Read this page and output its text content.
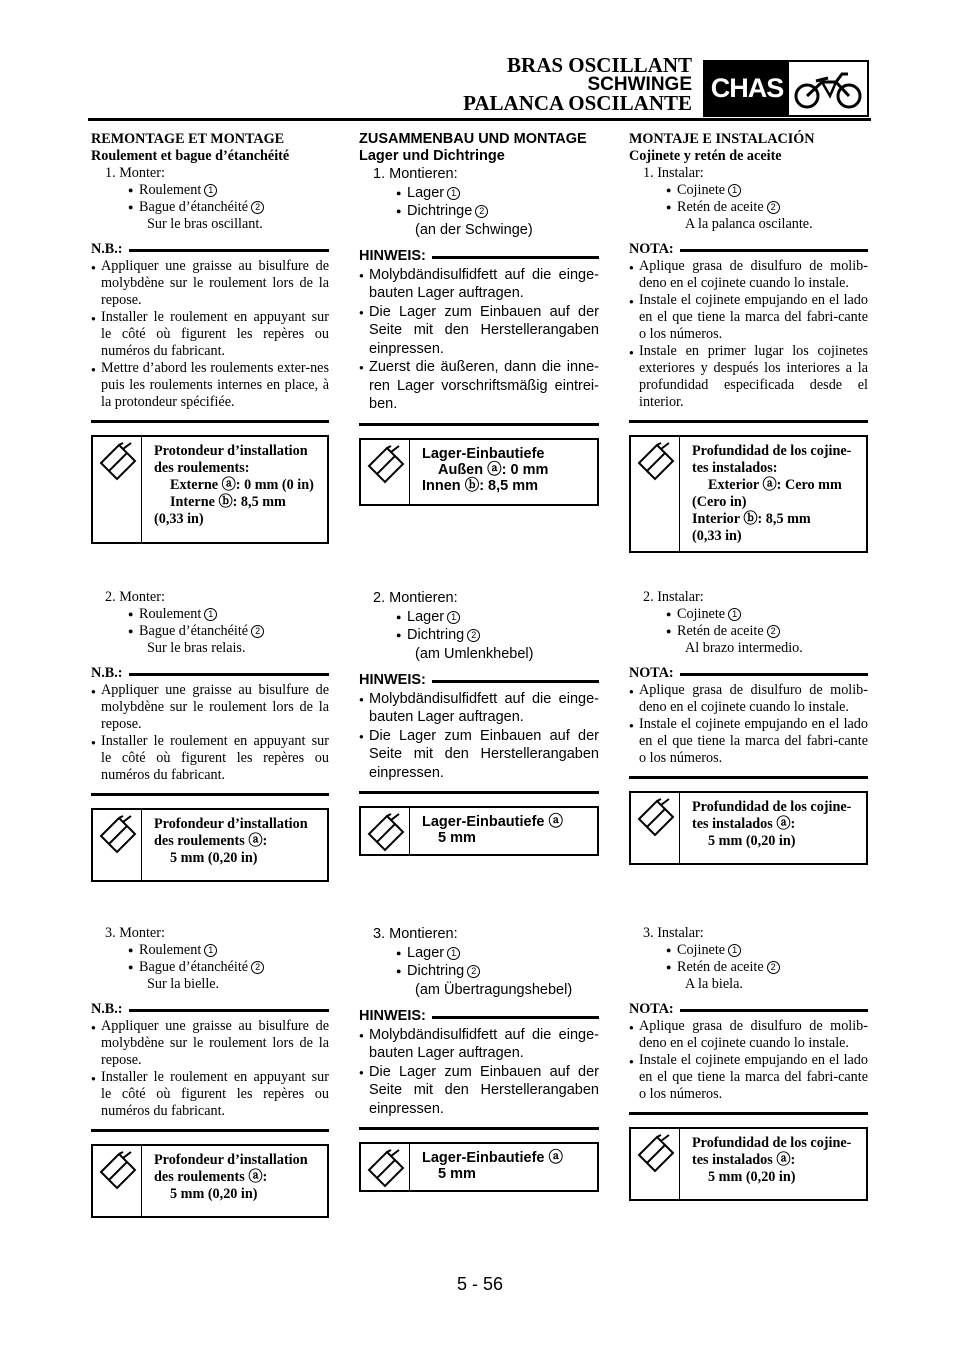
BRAS OSCILLANT
SCHWINGE
PALANCA OSCILANTE CHAS
REMONTAGE ET MONTAGE
Roulement et bague d’étanchéité
1. Monter:
● Roulement 1
● Bague d’étanchéité 2
Sur le bras oscillant.
N.B.:
● Appliquer une graisse au bisulfure de molybdène sur le roulement lors de la repose.
● Installer le roulement en appuyant sur le côté où figurent les repères ou numéros du fabricant.
● Mettre d’abord les roulements exter-nes puis les roulements internes en place, à la protondeur spécifiée.
Protondeur d’installation
des roulements:
Externe ⓐ: 0 mm (0 in)
Interne ⓑ: 8,5 mm
(0,33 in)
2. Monter:
● Roulement 1
● Bague d’étanchéité 2
Sur le bras relais.
N.B.:
● Appliquer une graisse au bisulfure de molybdène sur le roulement lors de la repose.
● Installer le roulement en appuyant sur le côté où figurent les repères ou numéros du fabricant.
Profondeur d’installation
des roulements ⓐ:
5 mm (0,20 in)
3. Monter:
● Roulement 1
● Bague d’étanchéité 2
Sur la bielle.
N.B.:
● Appliquer une graisse au bisulfure de molybdène sur le roulement lors de la repose.
● Installer le roulement en appuyant sur le côté où figurent les repères ou numéros du fabricant.
Profondeur d’installation
des roulements ⓐ:
5 mm (0,20 in)
ZUSAMMENBAU UND MONTAGE
Lager und Dichtringe
1. Montieren:
● Lager 1
● Dichtringe 2
(an der Schwinge)
HINWEIS:
● Molybdändisulfidfett auf die einge-bauten Lager auftragen.
● Die Lager zum Einbauen auf der Seite mit den Herstellerangaben einpressen.
● Zuerst die äußeren, dann die inne-ren Lager vorschriftsmäßig eintrei-ben.
Lager-Einbautiefe
Außen ⓐ: 0 mm
Innen ⓑ: 8,5 mm
2. Montieren:
● Lager 1
● Dichtring 2
(am Umlenkhebel)
HINWEIS:
● Molybdändisulfidfett auf die einge-bauten Lager auftragen.
● Die Lager zum Einbauen auf der Seite mit den Herstellerangaben einpressen.
Lager-Einbautiefe ⓐ
5 mm
3. Montieren:
● Lager 1
● Dichtring 2
(am Übertragungshebel)
HINWEIS:
● Molybdändisulfidfett auf die einge-bauten Lager auftragen.
● Die Lager zum Einbauen auf der Seite mit den Herstellerangaben einpressen.
Lager-Einbautiefe ⓐ
5 mm
MONTAJE E INSTALACIÓN
Cojinete y retén de aceite
1. Instalar:
● Cojinete 1
● Retén de aceite 2
A la palanca oscilante.
NOTA:
● Aplique grasa de disulfuro de molib-deno en el cojinete cuando lo instale.
● Instale el cojinete empujando en el lado en el que tiene la marca del fabri-cante o los números.
● Instale en primer lugar los cojinetes exteriores y después los interiores a la profundidad especificada desde el interior.
Profundidad de los cojine-
tes instalados:
Exterior ⓐ: Cero mm
(Cero in)
Interior ⓑ: 8,5 mm
(0,33 in)
2. Instalar:
● Cojinete 1
● Retén de aceite 2
Al brazo intermedio.
NOTA:
● Aplique grasa de disulfuro de molib-deno en el cojinete cuando lo instale.
● Instale el cojinete empujando en el lado en el que tiene la marca del fabri-cante o los números.
Profundidad de los cojine-
tes instalados ⓐ:
5 mm (0,20 in)
3. Instalar:
● Cojinete 1
● Retén de aceite 2
A la biela.
NOTA:
● Aplique grasa de disulfuro de molib-deno en el cojinete cuando lo instale.
● Instale el cojinete empujando en el lado en el que tiene la marca del fabri-cante o los números.
Profundidad de los cojine-
tes instalados ⓐ:
5 mm (0,20 in)
5 - 56
